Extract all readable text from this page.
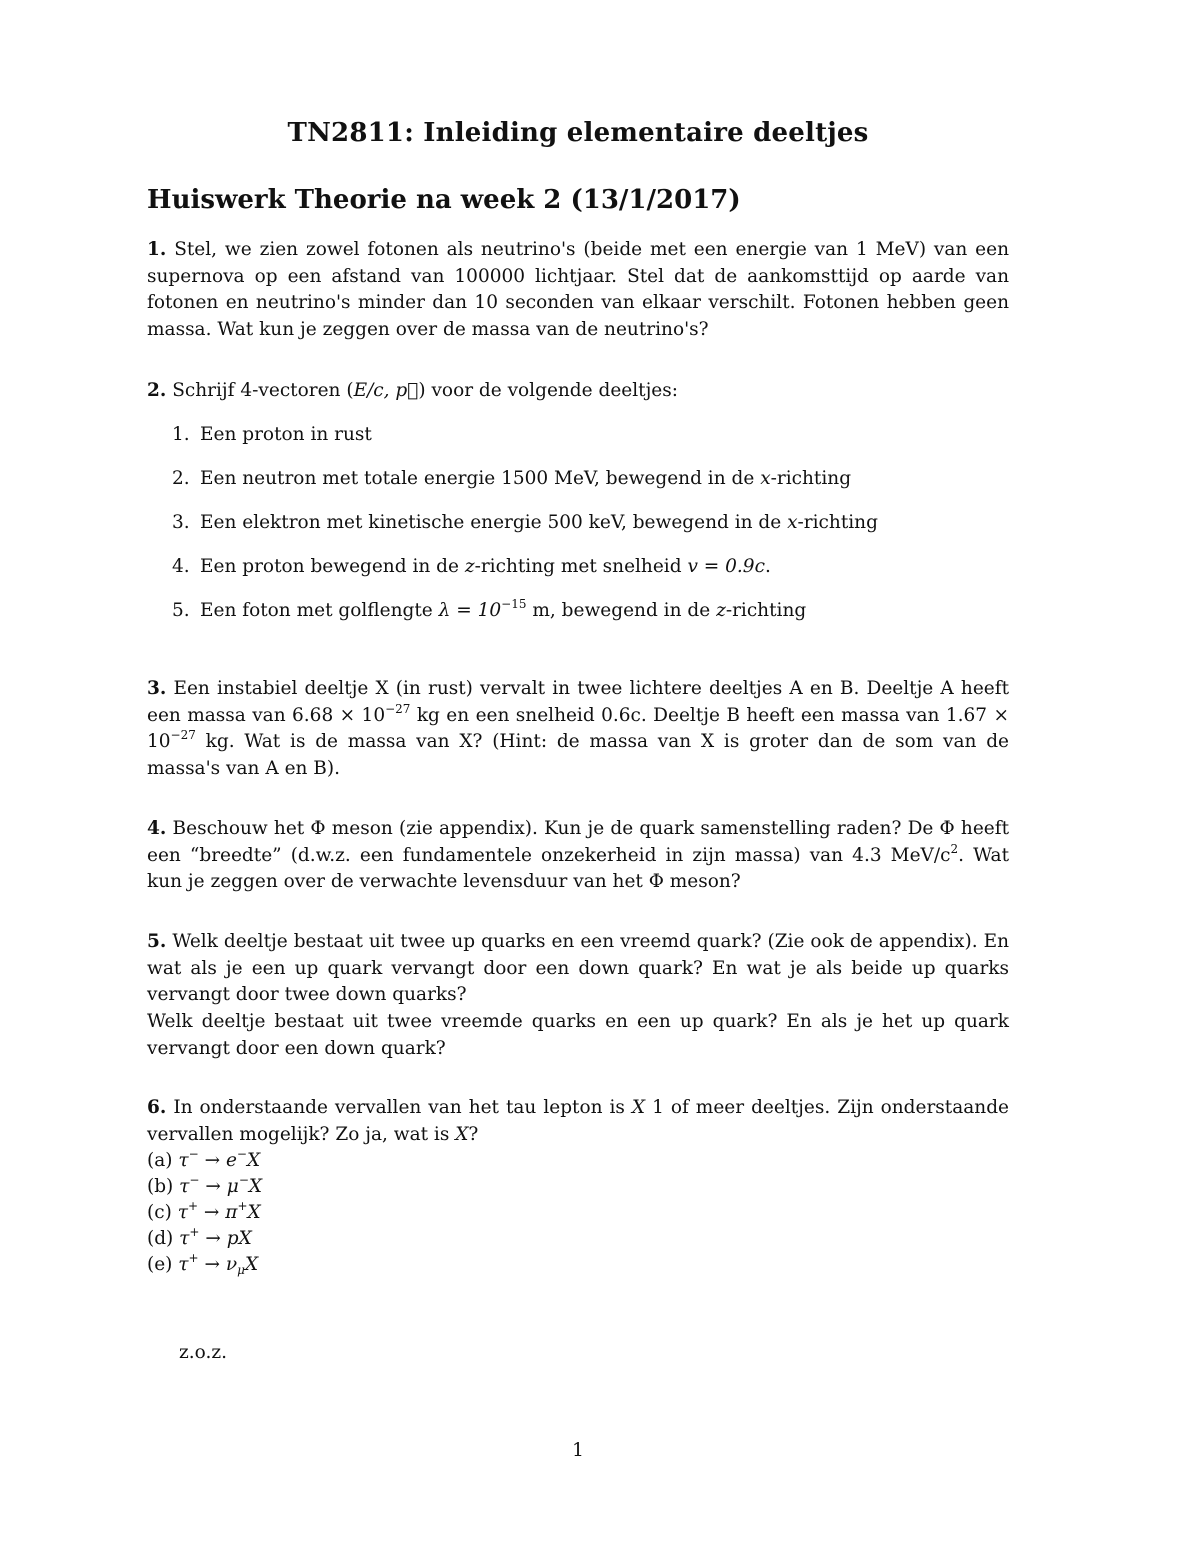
TN2811: Inleiding elementaire deeltjes
Huiswerk Theorie na week 2 (13/1/2017)
1. Stel, we zien zowel fotonen als neutrino's (beide met een energie van 1 MeV) van een supernova op een afstand van 100000 lichtjaar. Stel dat de aankomsttijd op aarde van fotonen en neutrino's minder dan 10 seconden van elkaar verschilt. Fotonen hebben geen massa. Wat kun je zeggen over de massa van de neutrino's?
2. Schrijf 4-vectoren (E/c, p⃗) voor de volgende deeltjes:
1. Een proton in rust
2. Een neutron met totale energie 1500 MeV, bewegend in de x-richting
3. Een elektron met kinetische energie 500 keV, bewegend in de x-richting
4. Een proton bewegend in de z-richting met snelheid v = 0.9c.
5. Een foton met golflengte $\lambda = 10^{-15}$ m, bewegend in de z-richting
3. Een instabiel deeltje X (in rust) vervalt in twee lichtere deeltjes A en B. Deeltje A heeft een massa van $6.68 \times 10^{-27}$ kg en een snelheid 0.6c. Deeltje B heeft een massa van $1.67 \times 10^{-27}$ kg. Wat is de massa van X? (Hint: de massa van X is groter dan de som van de massa's van A en B).
4. Beschouw het Φ meson (zie appendix). Kun je de quark samenstelling raden? De Φ heeft een “breedte” (d.w.z. een fundamentele onzekerheid in zijn massa) van 4.3 MeV/$c^2$. Wat kun je zeggen over de verwachte levensduur van het Φ meson?
5. Welk deeltje bestaat uit twee up quarks en een vreemd quark? (Zie ook de appendix). En wat als je een up quark vervangt door een down quark? En wat je als beide up quarks vervangt door twee down quarks?
Welk deeltje bestaat uit twee vreemde quarks en een up quark? En als je het up quark vervangt door een down quark?
6. In onderstaande vervallen van het tau lepton is X 1 of meer deeltjes. Zijn onderstaande vervallen mogelijk? Zo ja, wat is X?
(a) τ− → e−X
(b) τ− → μ−X
(c) τ+ → π+X
(d) τ+ → pX
(e) $\tau^+ \to \nu_\mu X$
z.o.z.
1
